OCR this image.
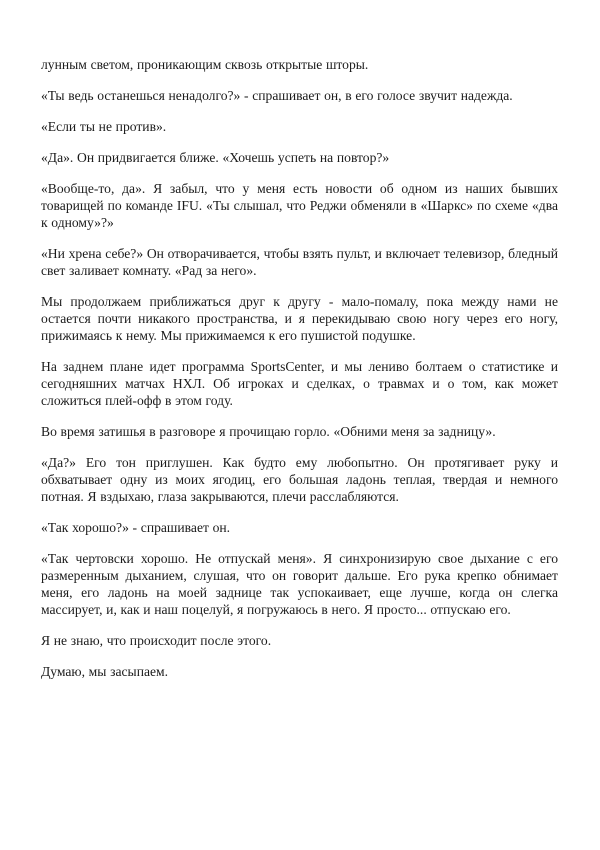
лунным светом, проникающим сквозь открытые шторы.

«Ты ведь останешься ненадолго?» - спрашивает он, в его голосе звучит надежда.

«Если ты не против».

«Да». Он придвигается ближе. «Хочешь успеть на повтор?»

«Вообще-то, да». Я забыл, что у меня есть новости об одном из наших бывших товарищей по команде IFU. «Ты слышал, что Реджи обменяли в «Шаркс» по схеме «два к одному»?»

«Ни хрена себе?» Он отворачивается, чтобы взять пульт, и включает телевизор, бледный свет заливает комнату. «Рад за него».

Мы продолжаем приближаться друг к другу - мало-помалу, пока между нами не остается почти никакого пространства, и я перекидываю свою ногу через его ногу, прижимаясь к нему. Мы прижимаемся к его пушистой подушке.

На заднем плане идет программа SportsCenter, и мы лениво болтаем о статистике и сегодняшних матчах НХЛ. Об игроках и сделках, о травмах и о том, как может сложиться плей-офф в этом году.

Во время затишья в разговоре я прочищаю горло. «Обними меня за задницу».

«Да?» Его тон приглушен. Как будто ему любопытно. Он протягивает руку и обхватывает одну из моих ягодиц, его большая ладонь теплая, твердая и немного потная. Я вздыхаю, глаза закрываются, плечи расслабляются.

«Так хорошо?» - спрашивает он.

«Так чертовски хорошо. Не отпускай меня». Я синхронизирую свое дыхание с его размеренным дыханием, слушая, что он говорит дальше. Его рука крепко обнимает меня, его ладонь на моей заднице так успокаивает, еще лучше, когда он слегка массирует, и, как и наш поцелуй, я погружаюсь в него. Я просто... отпускаю его.

Я не знаю, что происходит после этого.

Думаю, мы засыпаем.
